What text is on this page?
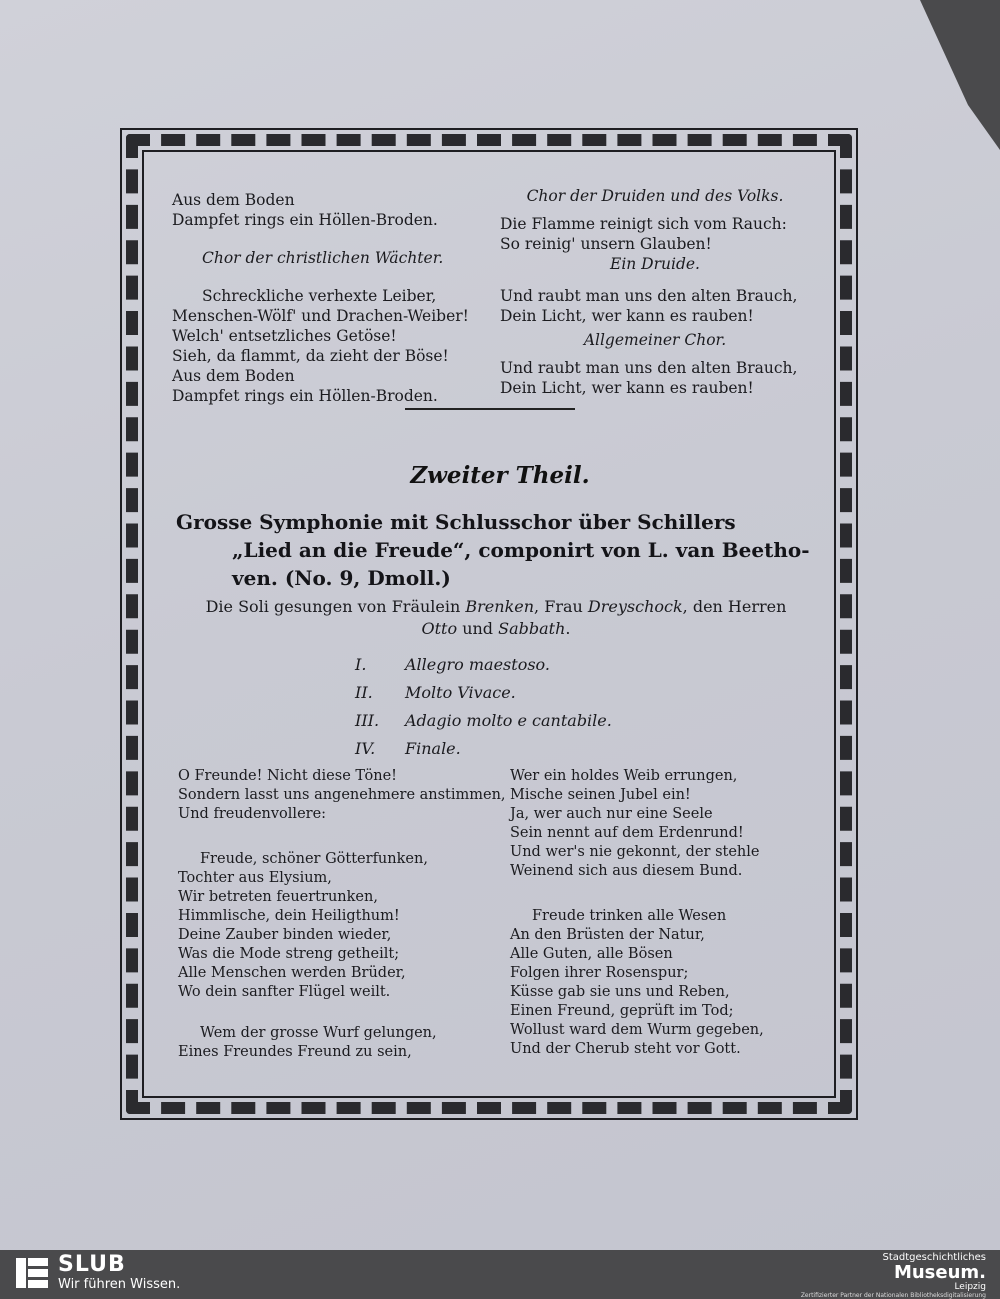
Aus dem Boden
Dampfet rings ein Höllen-Broden.
Chor der christlichen Wächter.
Schreckliche verhexte Leiber,
Menschen-Wölf' und Drachen-Weiber!
Welch' entsetzliches Getöse!
Sieh, da flammt, da zieht der Böse!
Aus dem Boden
Dampfet rings ein Höllen-Broden.
Chor der Druiden und des Volks.
Die Flamme reinigt sich vom Rauch:
So reinig' unsern Glauben!
Ein Druide.
Und raubt man uns den alten Brauch,
Dein Licht, wer kann es rauben!
Allgemeiner Chor.
Und raubt man uns den alten Brauch,
Dein Licht, wer kann es rauben!
Zweiter Theil.
Grosse Symphonie mit Schlusschor über Schillers
„Lied an die Freude“, componirt von L. van Beetho-
ven. (No. 9, Dmoll.)
Die Soli gesungen von Fräulein Brenken, Frau Dreyschock, den Herren
Otto und Sabbath.
I. Allegro maestoso.
II. Molto Vivace.
III. Adagio molto e cantabile.
IV. Finale.
O Freunde! Nicht diese Töne!
Sondern lasst uns angenehmere anstimmen,
Und freudenvollere:
Freude, schöner Götterfunken,
Tochter aus Elysium,
Wir betreten feuertrunken,
Himmlische, dein Heiligthum!
Deine Zauber binden wieder,
Was die Mode streng getheilt;
Alle Menschen werden Brüder,
Wo dein sanfter Flügel weilt.
Wem der grosse Wurf gelungen,
Eines Freundes Freund zu sein,
Wer ein holdes Weib errungen,
Mische seinen Jubel ein!
Ja, wer auch nur eine Seele
Sein nennt auf dem Erdenrund!
Und wer's nie gekonnt, der stehle
Weinend sich aus diesem Bund.
Freude trinken alle Wesen
An den Brüsten der Natur,
Alle Guten, alle Bösen
Folgen ihrer Rosenspur;
Küsse gab sie uns und Reben,
Einen Freund, geprüft im Tod;
Wollust ward dem Wurm gegeben,
Und der Cherub steht vor Gott.
SLUB
Wir führen Wissen.
Stadtgeschichtliches
Museum.
Leipzig
Zertifizierter Partner der Nationalen Bibliotheksdigitalisierung
